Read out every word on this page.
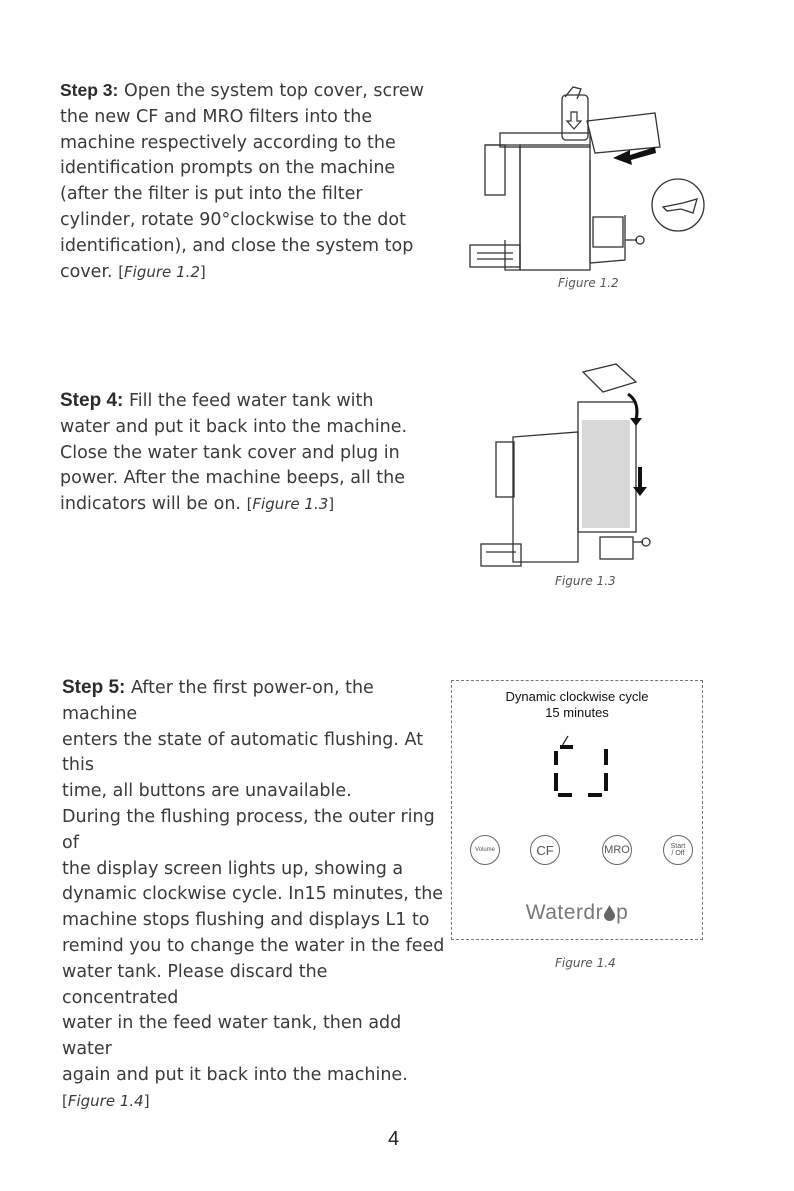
Step 3: Open the system top cover, screw
the new CF and MRO filters into the
machine respectively according to the
identification prompts on the machine
(after the filter is put into the filter
cylinder, rotate 90°clockwise to the dot
identification), and close the system top
cover. [Figure 1.2]
Figure 1.2
Step 4: Fill the feed water tank with
water and put it back into the machine.
Close the water tank cover and plug in
power. After the machine beeps, all the
indicators will be on. [Figure 1.3]
Figure 1.3
Step 5: After the first power-on, the machine
enters the state of automatic flushing. At this
time, all buttons are unavailable.
During the flushing process, the outer ring of
the display screen lights up, showing a
dynamic clockwise cycle. In15 minutes, the
machine stops flushing and displays L1 to
remind you to change the water in the feed
water tank. Please discard the concentrated
water in the feed water tank, then add water
again and put it back into the machine.
[Figure 1.4]
Dynamic clockwise cycle
15 minutes
Volume	CF	MRO	Start / Off
Waterdr p
Figure 1.4
4
